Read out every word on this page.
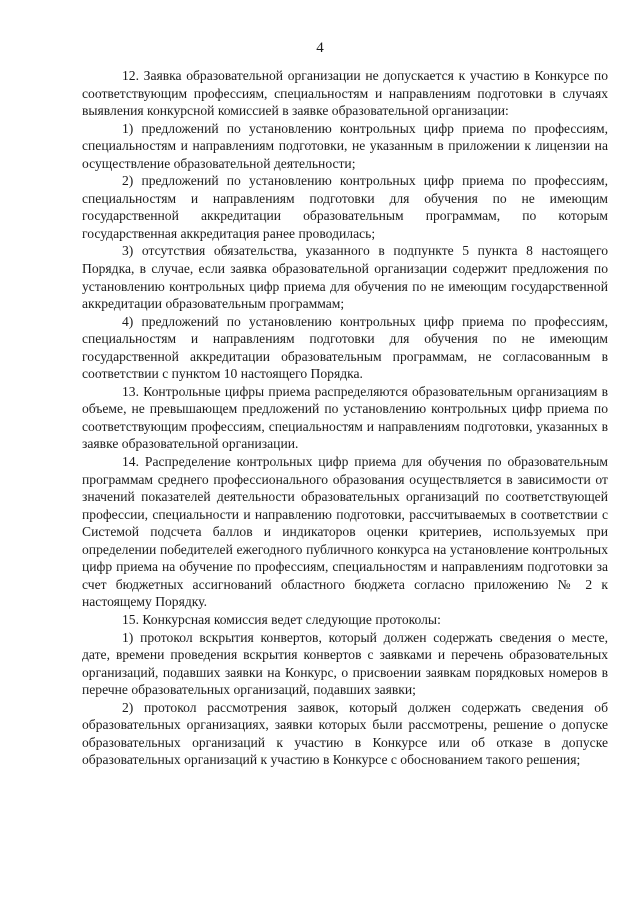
4

12. Заявка образовательной организации не допускается к участию в Конкурсе по соответствующим профессиям, специальностям и направлениям подготовки в случаях выявления конкурсной комиссией в заявке образовательной организации:

1) предложений по установлению контрольных цифр приема по профессиям, специальностям и направлениям подготовки, не указанным в приложении к лицензии на осуществление образовательной деятельности;

2) предложений по установлению контрольных цифр приема по профессиям, специальностям и направлениям подготовки для обучения по не имеющим государственной аккредитации образовательным программам, по которым государственная аккредитация ранее проводилась;

3) отсутствия обязательства, указанного в подпункте 5 пункта 8 настоящего Порядка, в случае, если заявка образовательной организации содержит предложения по установлению контрольных цифр приема для обучения по не имеющим государственной аккредитации образовательным программам;

4) предложений по установлению контрольных цифр приема по профессиям, специальностям и направлениям подготовки для обучения по не имеющим государственной аккредитации образовательным программам, не согласованным в соответствии с пунктом 10 настоящего Порядка.

13. Контрольные цифры приема распределяются образовательным организациям в объеме, не превышающем предложений по установлению контрольных цифр приема по соответствующим профессиям, специальностям и направлениям подготовки, указанных в заявке образовательной организации.

14. Распределение контрольных цифр приема для обучения по образовательным программам среднего профессионального образования осуществляется в зависимости от значений показателей деятельности образовательных организаций по соответствующей профессии, специальности и направлению подготовки, рассчитываемых в соответствии с Системой подсчета баллов и индикаторов оценки критериев, используемых при определении победителей ежегодного публичного конкурса на установление контрольных цифр приема на обучение по профессиям, специальностям и направлениям подготовки за счет бюджетных ассигнований областного бюджета согласно приложению № 2 к настоящему Порядку.

15. Конкурсная комиссия ведет следующие протоколы:

1) протокол вскрытия конвертов, который должен содержать сведения о месте, дате, времени проведения вскрытия конвертов с заявками и перечень образовательных организаций, подавших заявки на Конкурс, о присвоении заявкам порядковых номеров в перечне образовательных организаций, подавших заявки;

2) протокол рассмотрения заявок, который должен содержать сведения об образовательных организациях, заявки которых были рассмотрены, решение о допуске образовательных организаций к участию в Конкурсе или об отказе в допуске образовательных организаций к участию в Конкурсе с обоснованием такого решения;
